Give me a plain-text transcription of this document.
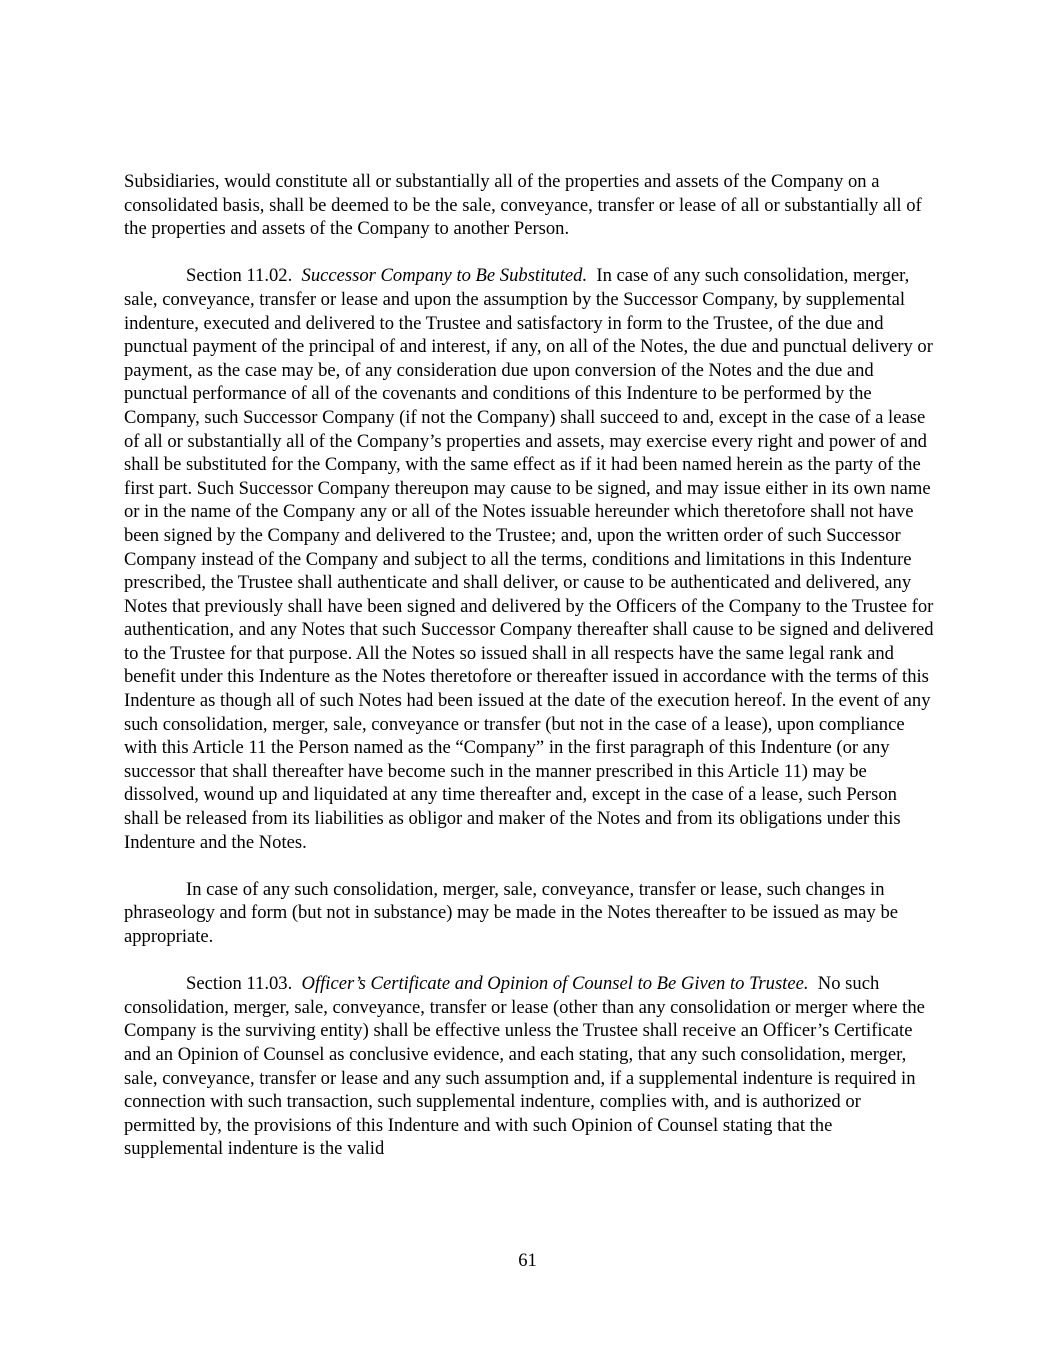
Subsidiaries, would constitute all or substantially all of the properties and assets of the Company on a consolidated basis, shall be deemed to be the sale, conveyance, transfer or lease of all or substantially all of the properties and assets of the Company to another Person.

Section 11.02. Successor Company to Be Substituted. In case of any such consolidation, merger, sale, conveyance, transfer or lease and upon the assumption by the Successor Company, by supplemental indenture, executed and delivered to the Trustee and satisfactory in form to the Trustee, of the due and punctual payment of the principal of and interest, if any, on all of the Notes, the due and punctual delivery or payment, as the case may be, of any consideration due upon conversion of the Notes and the due and punctual performance of all of the covenants and conditions of this Indenture to be performed by the Company, such Successor Company (if not the Company) shall succeed to and, except in the case of a lease of all or substantially all of the Company’s properties and assets, may exercise every right and power of and shall be substituted for the Company, with the same effect as if it had been named herein as the party of the first part. Such Successor Company thereupon may cause to be signed, and may issue either in its own name or in the name of the Company any or all of the Notes issuable hereunder which theretofore shall not have been signed by the Company and delivered to the Trustee; and, upon the written order of such Successor Company instead of the Company and subject to all the terms, conditions and limitations in this Indenture prescribed, the Trustee shall authenticate and shall deliver, or cause to be authenticated and delivered, any Notes that previously shall have been signed and delivered by the Officers of the Company to the Trustee for authentication, and any Notes that such Successor Company thereafter shall cause to be signed and delivered to the Trustee for that purpose. All the Notes so issued shall in all respects have the same legal rank and benefit under this Indenture as the Notes theretofore or thereafter issued in accordance with the terms of this Indenture as though all of such Notes had been issued at the date of the execution hereof. In the event of any such consolidation, merger, sale, conveyance or transfer (but not in the case of a lease), upon compliance with this Article 11 the Person named as the “Company” in the first paragraph of this Indenture (or any successor that shall thereafter have become such in the manner prescribed in this Article 11) may be dissolved, wound up and liquidated at any time thereafter and, except in the case of a lease, such Person shall be released from its liabilities as obligor and maker of the Notes and from its obligations under this Indenture and the Notes.

In case of any such consolidation, merger, sale, conveyance, transfer or lease, such changes in phraseology and form (but not in substance) may be made in the Notes thereafter to be issued as may be appropriate.

Section 11.03. Officer’s Certificate and Opinion of Counsel to Be Given to Trustee. No such consolidation, merger, sale, conveyance, transfer or lease (other than any consolidation or merger where the Company is the surviving entity) shall be effective unless the Trustee shall receive an Officer’s Certificate and an Opinion of Counsel as conclusive evidence, and each stating, that any such consolidation, merger, sale, conveyance, transfer or lease and any such assumption and, if a supplemental indenture is required in connection with such transaction, such supplemental indenture, complies with, and is authorized or permitted by, the provisions of this Indenture and with such Opinion of Counsel stating that the supplemental indenture is the valid

61
